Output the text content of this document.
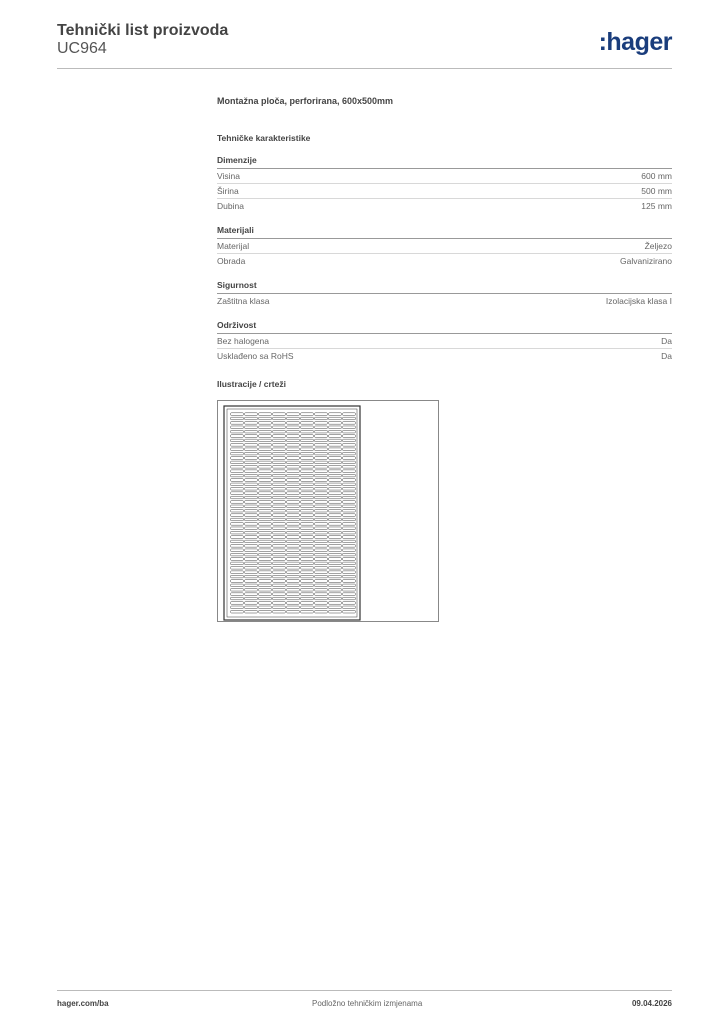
Tehnički list proizvoda
UC964	:hager
Montažna ploča, perforirana, 600x500mm
Tehničke karakteristike
Dimenzije
Visina	600 mm
Širina	500 mm
Dubina	125 mm
Materijali
Materijal	Željezo
Obrada	Galvanizirano
Sigurnost
Zaštitna klasa	Izolacijska klasa I
Održivost
Bez halogena	Da
Usklađeno sa RoHS	Da
Ilustracije / crteži
hager.com/ba	Podložno tehničkim izmjenama	09.04.2026
